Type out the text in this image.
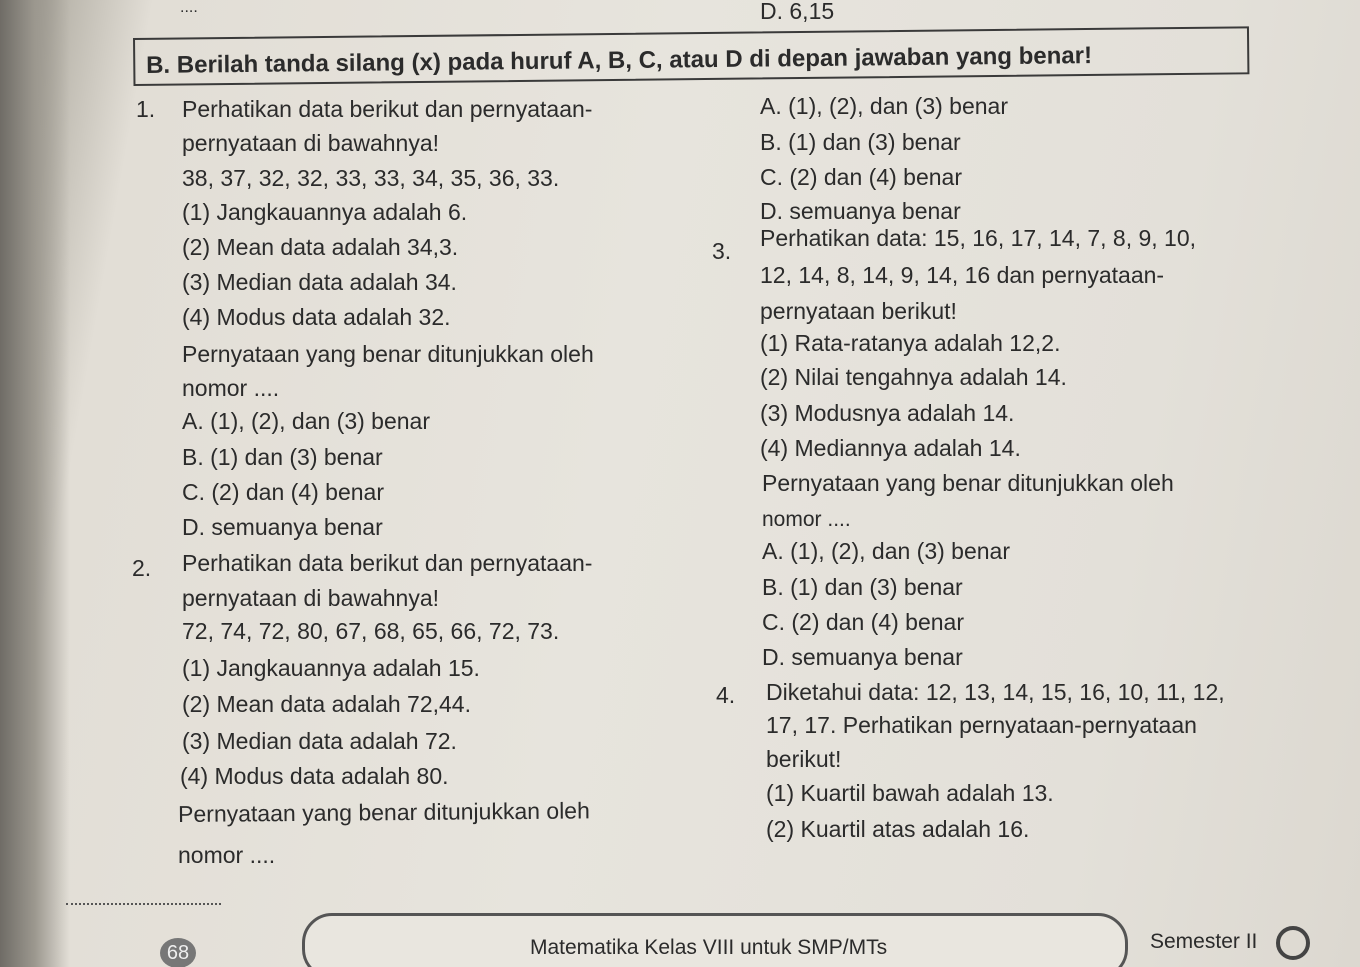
....	D. 6,15
B. Berilah tanda silang (x) pada huruf A, B, C, atau D di depan jawaban yang benar!
1. Perhatikan data berikut dan pernyataan-
pernyataan di bawahnya!
38, 37, 32, 32, 33, 33, 34, 35, 36, 33.
(1) Jangkauannya adalah 6.
(2) Mean data adalah 34,3.
(3) Median data adalah 34.
(4) Modus data adalah 32.
Pernyataan yang benar ditunjukkan oleh
nomor ....
A. (1), (2), dan (3) benar
B. (1) dan (3) benar
C. (2) dan (4) benar
D. semuanya benar
2. Perhatikan data berikut dan pernyataan-
pernyataan di bawahnya!
72, 74, 72, 80, 67, 68, 65, 66, 72, 73.
(1) Jangkauannya adalah 15.
(2) Mean data adalah 72,44.
(3) Median data adalah 72.
(4) Modus data adalah 80.
Pernyataan yang benar ditunjukkan oleh
nomor ....
A. (1), (2), dan (3) benar
B. (1) dan (3) benar
C. (2) dan (4) benar
D. semuanya benar
3. Perhatikan data: 15, 16, 17, 14, 7, 8, 9, 10,
12, 14, 8, 14, 9, 14, 16 dan pernyataan-
pernyataan berikut!
(1) Rata-ratanya adalah 12,2.
(2) Nilai tengahnya adalah 14.
(3) Modusnya adalah 14.
(4) Mediannya adalah 14.
Pernyataan yang benar ditunjukkan oleh
nomor ....
A. (1), (2), dan (3) benar
B. (1) dan (3) benar
C. (2) dan (4) benar
D. semuanya benar
4. Diketahui data: 12, 13, 14, 15, 16, 10, 11, 12,
17, 17. Perhatikan pernyataan-pernyataan
berikut!
(1) Kuartil bawah adalah 13.
(2) Kuartil atas adalah 16.
68	Matematika Kelas VIII untuk SMP/MTs	Semester II
